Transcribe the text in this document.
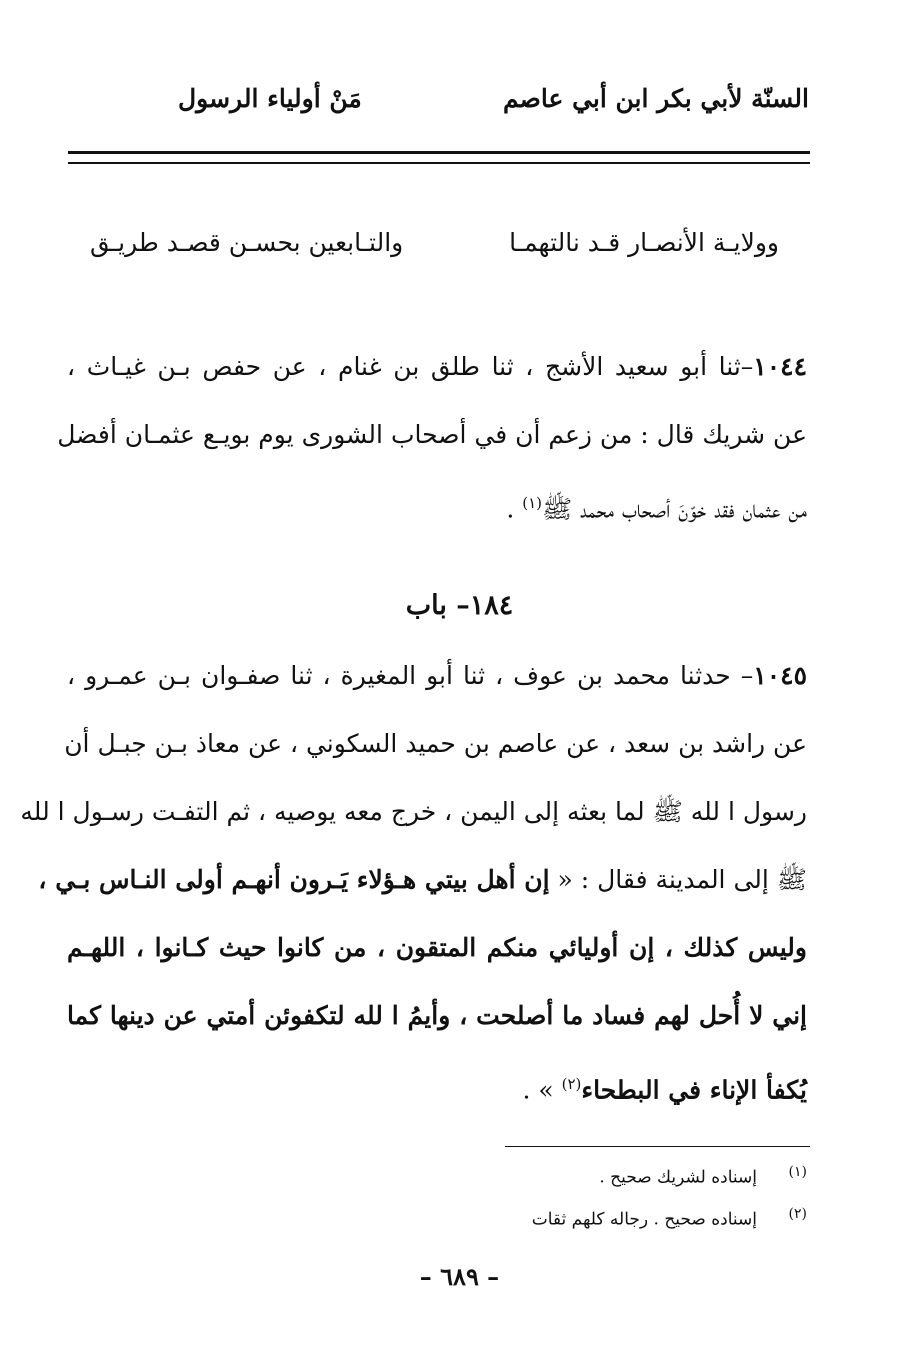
السنّة لأبي بكر ابن أبي عاصم
مَنْ أولياء الرسول
وولايـة الأنصـار قـد نالتهمـا
والتـابعين بحسـن قصـد طريـق
١٠٤٤–ثنا أبو سعيد الأشج ، ثنا طلق بن غنام ، عن حفص بـن غيـاث ،
عن شريك قال : من زعم أن في أصحاب الشورى يوم بويـع عثمـان أفضل
من عثمان فقد خوّنَ أصحاب محمد ﷺ$^{(١)}$ .
١٨٤– باب
١٠٤٥– حدثنا محمد بن عوف ، ثنا أبو المغيرة ، ثنا صفـوان بـن عمـرو ،
عن راشد بن سعد ، عن عاصم بن حميد السكوني ، عن معاذ بـن جبـل أن
رسول ا لله ﷺ لما بعثه إلى اليمن ، خرج معه يوصيه ، ثم التفـت رسـول ا لله
ﷺ إلى المدينة فقال : « إن أهل بيتي هـؤلاء يَـرون أنهـم أولى النـاس بـي ،
وليس كذلك ، إن أوليائي منكم المتقون ، من كانوا حيث كـانوا ، اللهـم
إني لا أُحل لهم فساد ما أصلحت ، وأيمُ ا لله لتكفوئن أمتي عن دينها كما
يُكفأ الإناء في البطحاء$^{(٢)}$ » .
(١)إسناده لشريك صحيح .
(٢)إسناده صحيح . رجاله كلهم ثقات
– ٦٨٩ –
